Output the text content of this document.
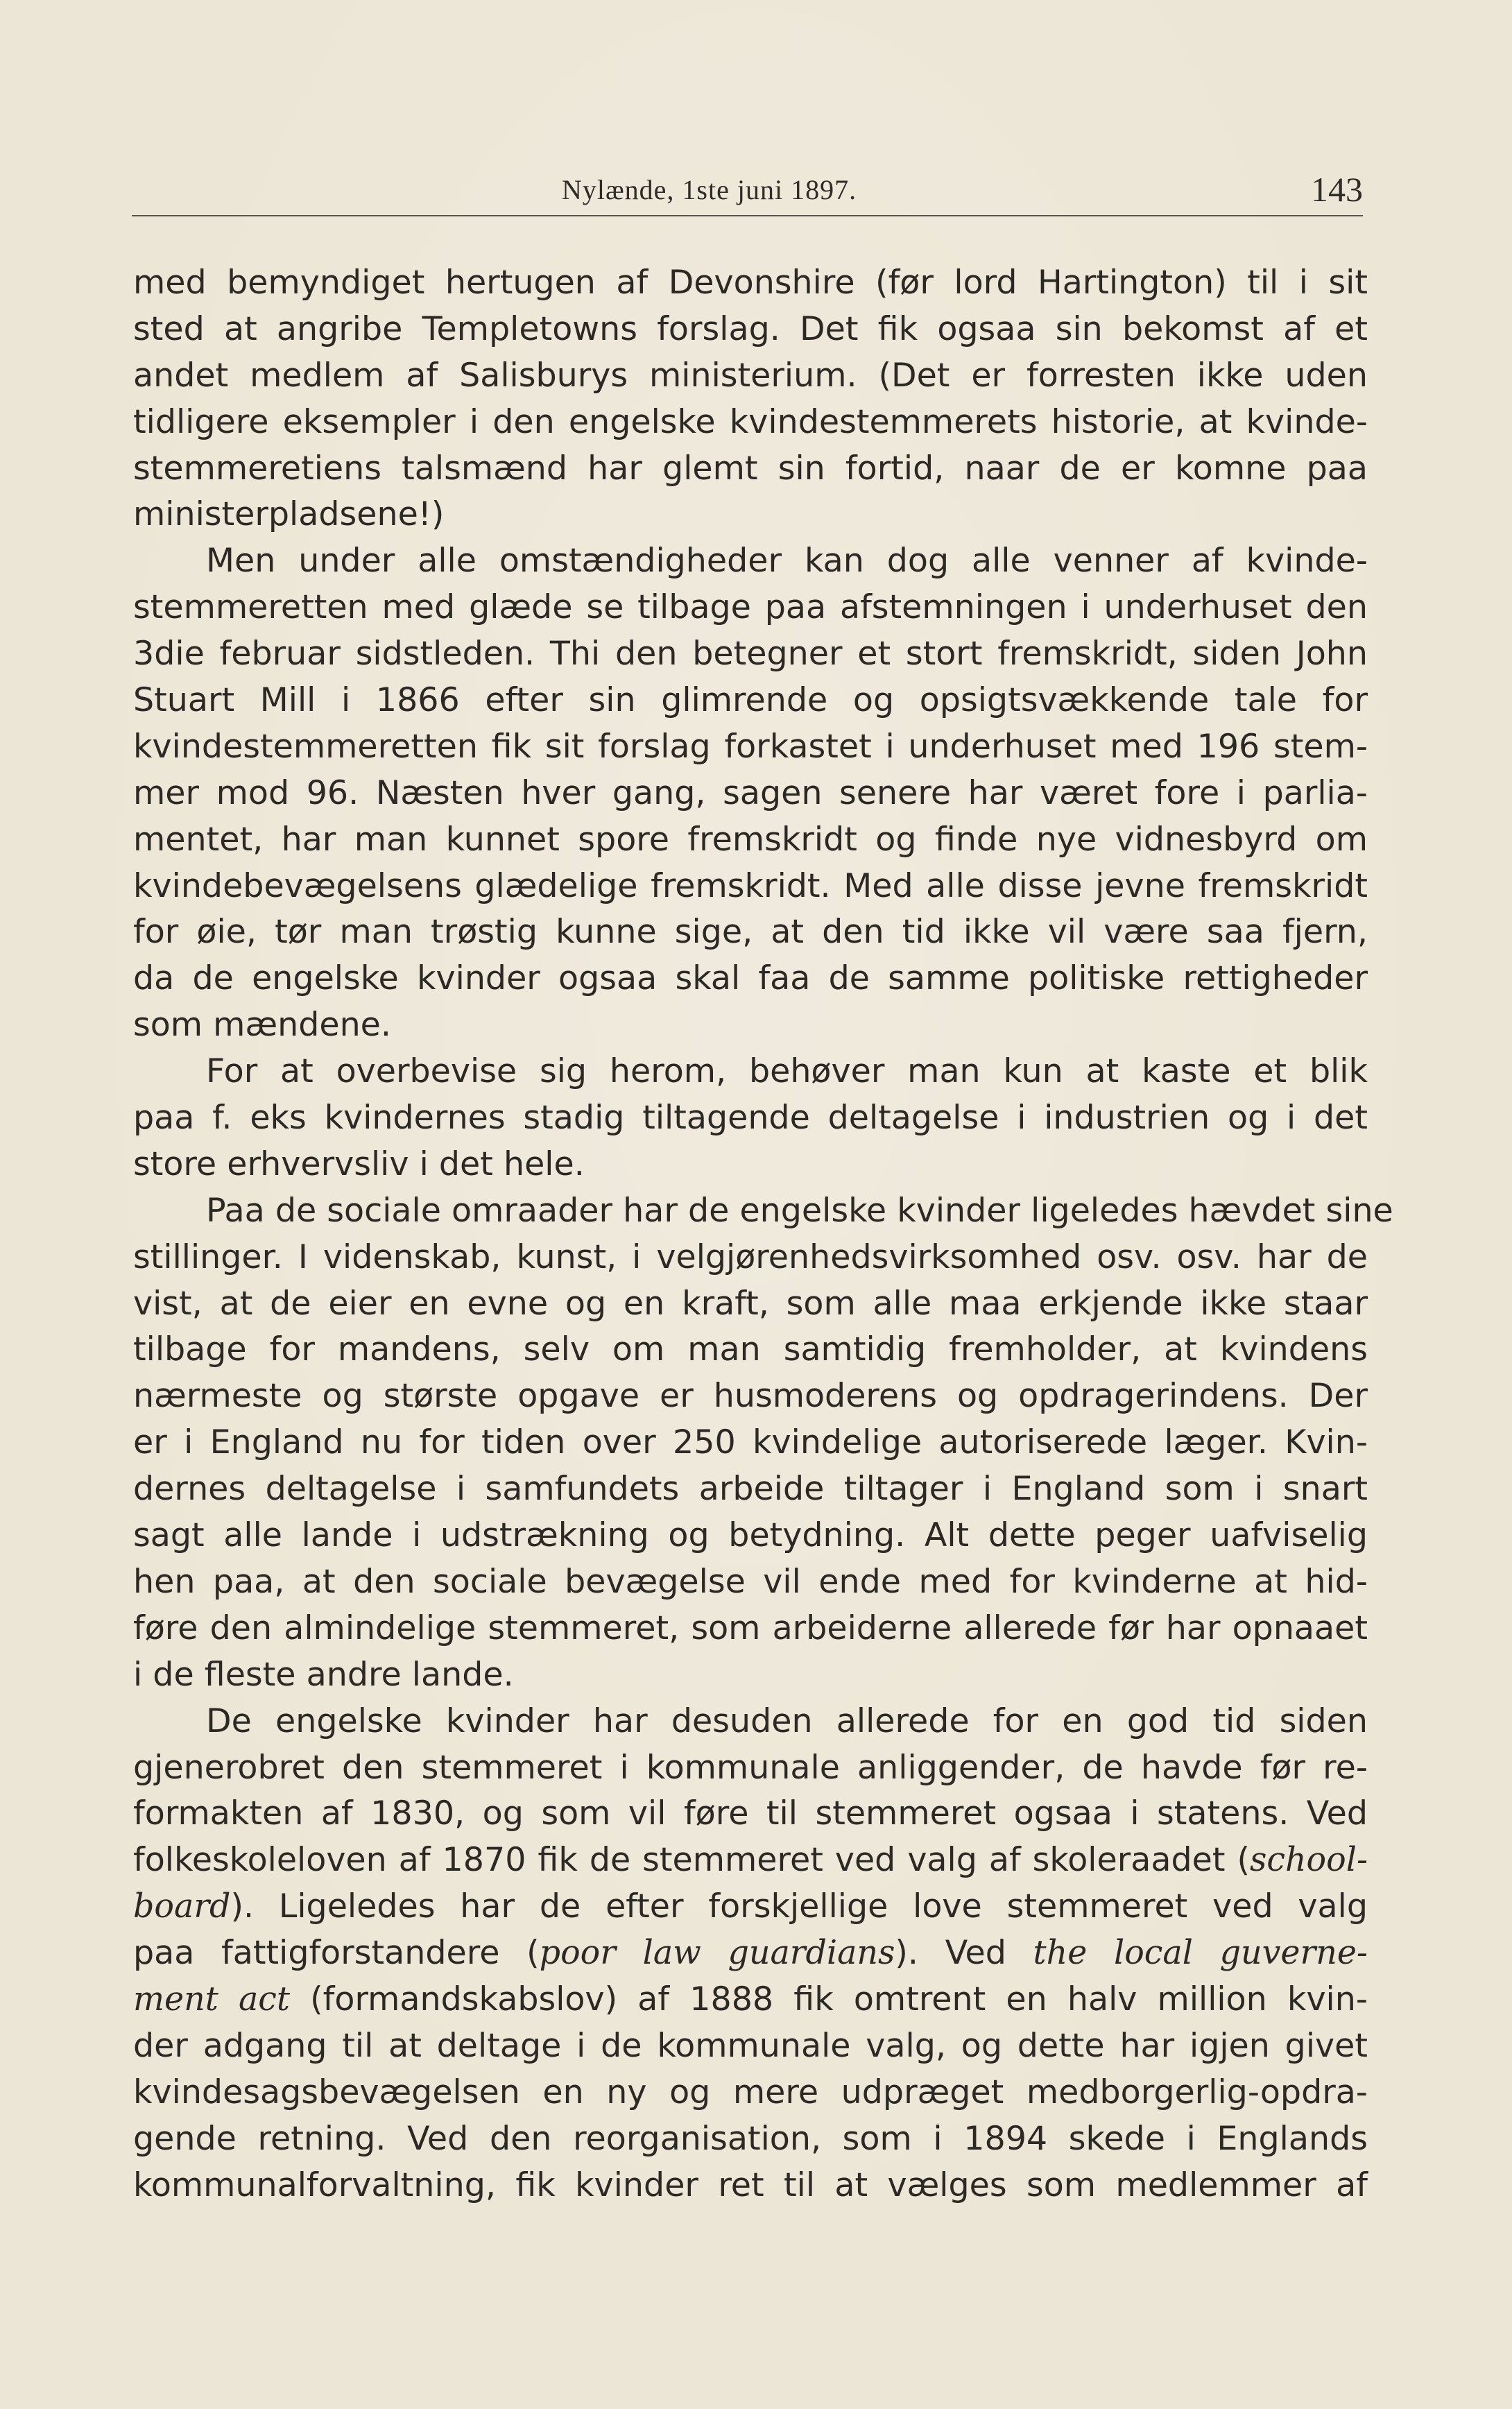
Nylænde, 1ste juni 1897.	143

med bemyndiget hertugen af Devonshire (før lord Hartington) til i sit
sted at angribe Templetowns forslag. Det fik ogsaa sin bekomst af et
andet medlem af Salisburys ministerium. (Det er forresten ikke uden
tidligere eksempler i den engelske kvindestemmerets historie, at kvinde-
stemmeretiens talsmænd har glemt sin fortid, naar de er komne paa
ministerpladsene!)

Men under alle omstændigheder kan dog alle venner af kvinde-
stemmeretten med glæde se tilbage paa afstemningen i underhuset den
3die februar sidstleden. Thi den betegner et stort fremskridt, siden John
Stuart Mill i 1866 efter sin glimrende og opsigtsvækkende tale for
kvindestemmeretten fik sit forslag forkastet i underhuset med 196 stem-
mer mod 96. Næsten hver gang, sagen senere har været fore i parlia-
mentet, har man kunnet spore fremskridt og finde nye vidnesbyrd om
kvindebevægelsens glædelige fremskridt. Med alle disse jevne fremskridt
for øie, tør man trøstig kunne sige, at den tid ikke vil være saa fjern,
da de engelske kvinder ogsaa skal faa de samme politiske rettigheder
som mændene.

For at overbevise sig herom, behøver man kun at kaste et blik
paa f. eks kvindernes stadig tiltagende deltagelse i industrien og i det
store erhvervsliv i det hele.

Paa de sociale omraader har de engelske kvinder ligeledes hævdet sine
stillinger. I videnskab, kunst, i velgjørenhedsvirksomhed osv. osv. har de
vist, at de eier en evne og en kraft, som alle maa erkjende ikke staar
tilbage for mandens, selv om man samtidig fremholder, at kvindens
nærmeste og største opgave er husmoderens og opdragerindens. Der
er i England nu for tiden over 250 kvindelige autoriserede læger. Kvin-
dernes deltagelse i samfundets arbeide tiltager i England som i snart
sagt alle lande i udstrækning og betydning. Alt dette peger uafviselig
hen paa, at den sociale bevægelse vil ende med for kvinderne at hid-
føre den almindelige stemmeret, som arbeiderne allerede før har opnaaet
i de fleste andre lande.

De engelske kvinder har desuden allerede for en god tid siden
gjenerobret den stemmeret i kommunale anliggender, de havde før re-
formakten af 1830, og som vil føre til stemmeret ogsaa i statens. Ved
folkeskoleloven af 1870 fik de stemmeret ved valg af skoleraadet (school-
board). Ligeledes har de efter forskjellige love stemmeret ved valg
paa fattigforstandere (poor law guardians). Ved the local guverne-
ment act (formandskabslov) af 1888 fik omtrent en halv million kvin-
der adgang til at deltage i de kommunale valg, og dette har igjen givet
kvindesagsbevægelsen en ny og mere udpræget medborgerlig-opdra-
gende retning. Ved den reorganisation, som i 1894 skede i Englands
kommunalforvaltning, fik kvinder ret til at vælges som medlemmer af
